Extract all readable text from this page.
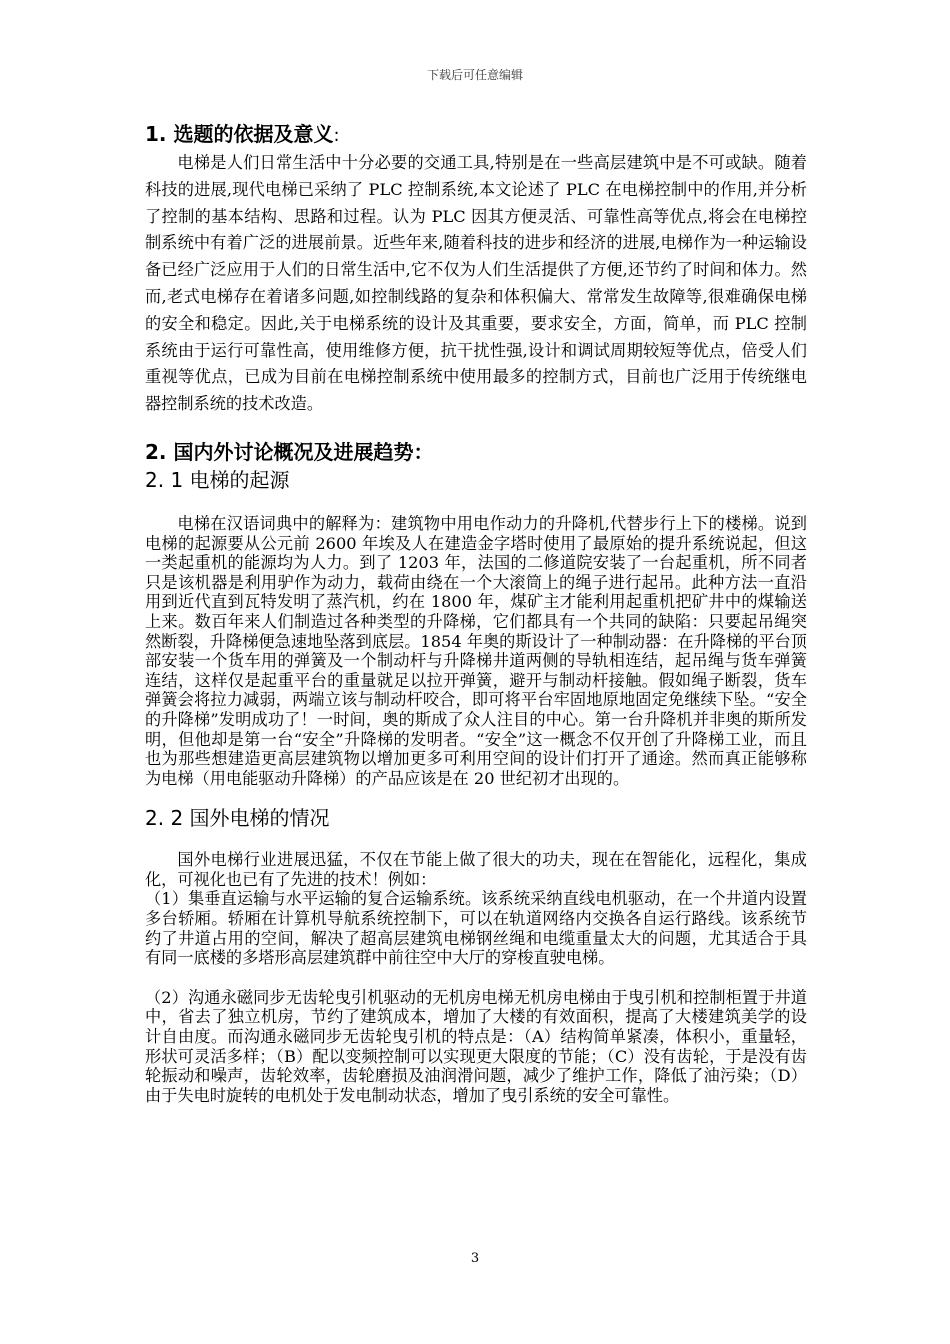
下载后可任意编辑
1. 选题的依据及意义:

电梯是人们日常生活中十分必要的交通工具,特别是在一些高层建筑中是不可或缺。随着科技的进展,现代电梯已采纳了 PLC 控制系统,本文论述了 PLC 在电梯控制中的作用,并分析了控制的基本结构、思路和过程。认为 PLC 因其方便灵活、可靠性高等优点,将会在电梯控制系统中有着广泛的进展前景。近些年来,随着科技的进步和经济的进展,电梯作为一种运输设备已经广泛应用于人们的日常生活中,它不仅为人们生活提供了方便,还节约了时间和体力。然而,老式电梯存在着诸多问题,如控制线路的复杂和体积偏大、常常发生故障等,很难确保电梯的安全和稳定。因此,关于电梯系统的设计及其重要，要求安全，方面，简单，而 PLC 控制系统由于运行可靠性高，使用维修方便，抗干扰性强,设计和调试周期较短等优点，倍受人们重视等优点，已成为目前在电梯控制系统中使用最多的控制方式，目前也广泛用于传统继电器控制系统的技术改造。

2. 国内外讨论概况及进展趋势：
2. 1 电梯的起源

电梯在汉语词典中的解释为：建筑物中用电作动力的升降机,代替步行上下的楼梯。说到电梯的起源要从公元前 2600 年埃及人在建造金字塔时使用了最原始的提升系统说起，但这一类起重机的能源均为人力。到了 1203 年，法国的二修道院安装了一台起重机，所不同者只是该机器是利用驴作为动力，载荷由绕在一个大滚筒上的绳子进行起吊。此种方法一直沿用到近代直到瓦特发明了蒸汽机，约在 1800 年，煤矿主才能利用起重机把矿井中的煤输送上来。数百年来人们制造过各种类型的升降梯，它们都具有一个共同的缺陷：只要起吊绳突然断裂，升降梯便急速地坠落到底层。1854 年奥的斯设计了一种制动器：在升降梯的平台顶部安装一个货车用的弹簧及一个制动杆与升降梯井道两侧的导轨相连结，起吊绳与货车弹簧连结，这样仅是起重平台的重量就足以拉开弹簧，避开与制动杆接触。假如绳子断裂，货车弹簧会将拉力减弱，两端立该与制动杆咬合，即可将平台牢固地原地固定免继续下坠。“安全的升降梯”发明成功了！一时间，奥的斯成了众人注目的中心。第一台升降机并非奥的斯所发明，但他却是第一台“安全”升降梯的发明者。“安全”这一概念不仅开创了升降梯工业，而且也为那些想建造更高层建筑物以增加更多可利用空间的设计们打开了通途。然而真正能够称为电梯（用电能驱动升降梯）的产品应该是在 20 世纪初才出现的。

2. 2 国外电梯的情况

国外电梯行业进展迅猛，不仅在节能上做了很大的功夫，现在在智能化，远程化，集成化，可视化也已有了先进的技术！例如：

（1）集垂直运输与水平运输的复合运输系统。该系统采纳直线电机驱动，在一个井道内设置多台轿厢。轿厢在计算机导航系统控制下，可以在轨道网络内交换各自运行路线。该系统节约了井道占用的空间，解决了超高层建筑电梯钢丝绳和电缆重量太大的问题，尤其适合于具有同一底楼的多塔形高层建筑群中前往空中大厅的穿梭直驶电梯。

（2）沟通永磁同步无齿轮曳引机驱动的无机房电梯无机房电梯由于曳引机和控制柜置于井道中，省去了独立机房，节约了建筑成本，增加了大楼的有效面积，提高了大楼建筑美学的设计自由度。而沟通永磁同步无齿轮曳引机的特点是：（A）结构简单紧凑，体积小，重量轻，形状可灵活多样；（B）配以变频控制可以实现更大限度的节能；（C）没有齿轮，于是没有齿轮振动和噪声，齿轮效率，齿轮磨损及油润滑问题，减少了维护工作，降低了油污染；（D）由于失电时旋转的电机处于发电制动状态，增加了曳引系统的安全可靠性。

3
